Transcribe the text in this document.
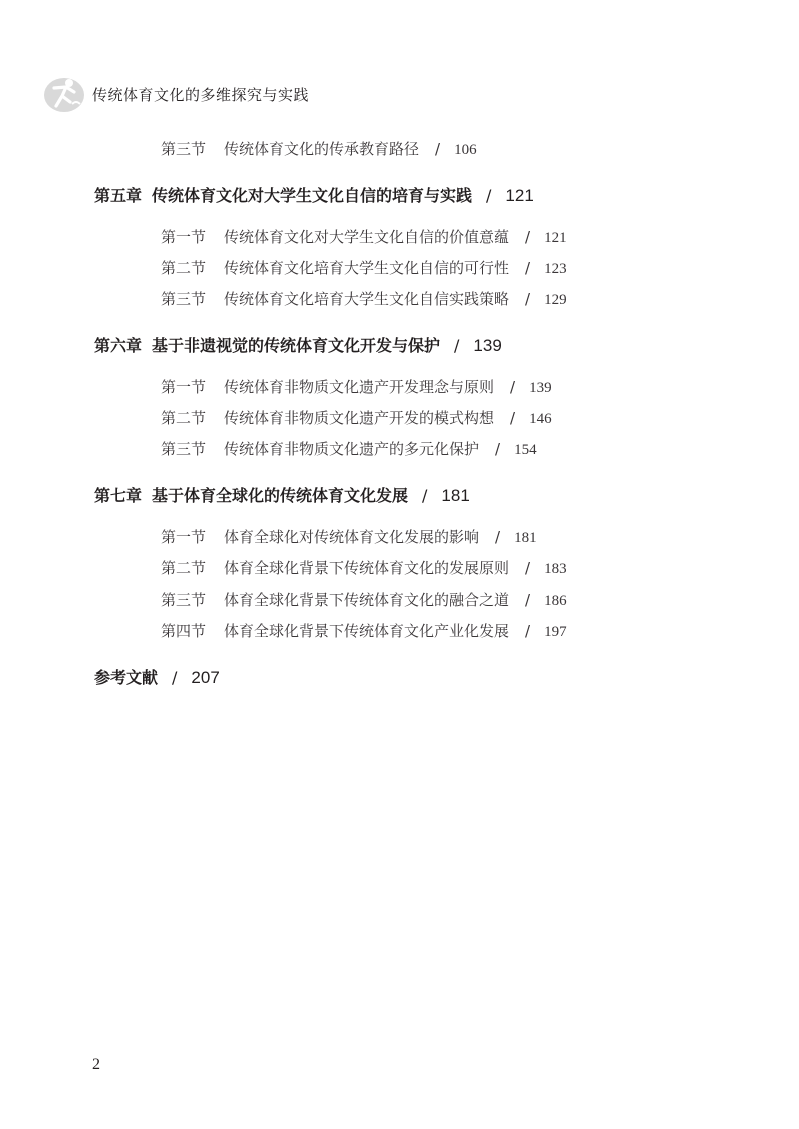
传统体育文化的多维探究与实践
第三节 传统体育文化的传承教育路径 / 106
第五章 传统体育文化对大学生文化自信的培育与实践 / 121
第一节 传统体育文化对大学生文化自信的价值意蕴 / 121
第二节 传统体育文化培育大学生文化自信的可行性 / 123
第三节 传统体育文化培育大学生文化自信实践策略 / 129
第六章 基于非遗视觉的传统体育文化开发与保护 / 139
第一节 传统体育非物质文化遗产开发理念与原则 / 139
第二节 传统体育非物质文化遗产开发的模式构想 / 146
第三节 传统体育非物质文化遗产的多元化保护 / 154
第七章 基于体育全球化的传统体育文化发展 / 181
第一节 体育全球化对传统体育文化发展的影响 / 181
第二节 体育全球化背景下传统体育文化的发展原则 / 183
第三节 体育全球化背景下传统体育文化的融合之道 / 186
第四节 体育全球化背景下传统体育文化产业化发展 / 197
参考文献 / 207
2
